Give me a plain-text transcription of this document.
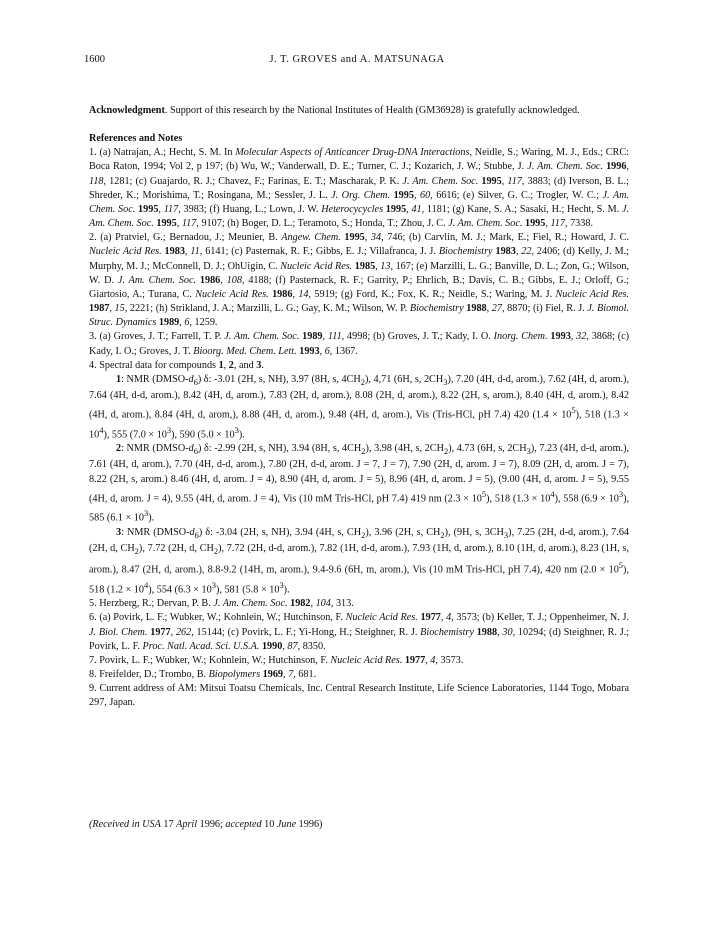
1600	J. T. GROVES and A. MATSUNAGA

Acknowledgment. Support of this research by the National Institutes of Health (GM36928) is gratefully acknowledged.

References and Notes

1. (a) Natrajan, A.; Hecht, S. M. In Molecular Aspects of Anticancer Drug-DNA Interactions, Neidle, S.; Waring, M. J., Eds.; CRC: Boca Raton, 1994; Vol 2, p 197; (b) Wu, W.; Vanderwall, D. E.; Turner, C. J.; Kozarich, J. W.; Stubbe, J. J. Am. Chem. Soc. 1996, 118, 1281; (c) Guajardo, R. J.; Chavez, F.; Farinas, E. T.; Mascharak, P. K. J. Am. Chem. Soc. 1995, 117, 3883; (d) Iverson, B. L.; Shreder, K.; Morishima, T.; Rosingana, M.; Sessler, J. L. J. Org. Chem. 1995, 60, 6616; (e) Silver, G. C.; Trogler, W. C.; J. Am. Chem. Soc. 1995, 117, 3983; (f) Huang, L.; Lown, J. W. Heterocycycles 1995, 41, 1181; (g) Kane, S. A.; Sasaki, H.; Hecht, S. M. J. Am. Chem. Soc. 1995, 117, 9107; (h) Boger, D. L.; Teramoto, S.; Honda, T.; Zhou, J. C. J. Am. Chem. Soc. 1995, 117, 7338.

2. (a) Pratviel, G.; Bernadou, J.; Meunier, B. Angew. Chem. 1995, 34, 746; (b) Carvlin, M. J.; Mark, E.; Fiel, R.; Howard, J. C. Nucleic Acid Res. 1983, 11, 6141; (c) Pasternak, R. F.; Gibbs, E. J.; Villafranca, J. J. Biochemistry 1983, 22, 2406; (d) Kelly, J. M.; Murphy, M. J.; McConnell, D. J.; OhUigin, C. Nucleic Acid Res. 1985, 13, 167; (e) Marzilli, L. G.; Banville, D. L.; Zon, G.; Wilson, W. D. J. Am. Chem. Soc. 1986, 108, 4188; (f) Pasternack, R. F.; Garrity, P.; Ehrlich, B.; Davis, C. B.; Gibbs, E. J.; Orloff, G.; Giartosio, A.; Turana, C. Nucleic Acid Res. 1986, 14, 5919; (g) Ford, K.; Fox, K. R.; Neidle, S.; Waring, M. J. Nucleic Acid Res. 1987, 15, 2221; (h) Strikland, J. A.; Marzilli, L. G.; Gay, K. M.; Wilson, W. P. Biochemistry 1988, 27, 8870; (i) Fiel, R. J. J. Biomol. Struc. Dynamics 1989, 6, 1259.

3. (a) Groves, J. T.; Farrell, T. P. J. Am. Chem. Soc. 1989, 111, 4998; (b) Groves, J. T.; Kady, I. O. Inorg. Chem. 1993, 32, 3868; (c) Kady, I. O.; Groves, J. T. Bioorg. Med. Chem. Lett. 1993, 6, 1367.

4. Spectral data for compounds 1, 2, and 3.

1: NMR $(DMSO-d_6)$ δ: -3.01 (2H, s, NH), 3.97 (8H, s, $4CH_2$), 4,71 (6H, s, $2CH_3$), 7.20 (4H, d-d, arom.), 7.62 (4H, d, arom.), 7.64 (4H, d-d, arom.), 8.42 (4H, d, arom.), 7.83 (2H, d, arom.), 8.08 (2H, d, arom.), 8.22 (2H, s, arom.), 8.40 (4H, d, arom.), 8.42 (4H, d, arom.), 8.84 (4H, d, arom,), 8.88 (4H, d, arom.), 9.48 (4H, d, arom.), Vis (Tris-HCl, pH 7.4) 420 $(1.4 \times 10^5)$, 518 $(1.3 \times 10^4)$, 555 $(7.0 \times 10^3)$, 590 $(5.0 \times 10^3)$.

2: NMR $(DMSO-d_6)$ δ: -2.99 (2H, s, NH), 3.94 (8H, s, $4CH_2$), 3.98 (4H, s, $2CH_2$), 4.73 (6H, s, $2CH_3$), 7.23 (4H, d-d, arom.), 7.61 (4H, d, arom.), 7.70 (4H, d-d, arom.), 7.80 (2H, d-d, arom. J = 7, J = 7), 7.90 (2H, d, arom. J = 7), 8.09 (2H, d, arom. J = 7), 8.22 (2H, s, arom.) 8.46 (4H, d, arom. J = 4), 8.90 (4H, d, arom. J = 5), 8.96 (4H, d, arom. J = 5), (9.00 (4H, d, arom. J = 5), 9.55 (4H, d, arom. J = 4), 9.55 (4H, d, arom. J = 4), Vis (10 mM Tris-HCl, pH 7.4) 419 nm $(2.3 \times 10^5)$, 518 $(1.3 \times 10^4)$, 558 $(6.9 \times 10^3)$, 585 $(6.1 \times 10^3)$.

3: NMR $(DMSO-d_6)$ δ: -3.04 (2H, s, NH), 3.94 (4H, s, $CH_2$), 3.96 (2H, s, $CH_2$), (9H, s, $3CH_3$), 7.25 (2H, d-d, arom.), 7.64 (2H, d, $CH_2$), 7.72 (2H, d, $CH_2$), 7.72 (2H, d-d, arom.), 7.82 (1H, d-d, arom.), 7.93 (1H, d, arom.), 8.10 (1H, d, arom.), 8.23 (1H, s, arom.), 8.47 (2H, d, arom.), 8.8-9.2 (14H, m, arom.), 9.4-9.6 (6H, m, arom.), Vis (10 mM Tris-HCl, pH 7.4), 420 nm $(2.0 \times 10^5)$, 518 $(1.2 \times 10^4)$, 554 $(6.3 \times 10^3)$, 581 $(5.8 \times 10^3)$.

5. Herzberg, R.; Dervan, P. B. J. Am. Chem. Soc. 1982, 104, 313.

6. (a) Povirk, L. F.; Wubker, W.; Kohnlein, W.; Hutchinson, F. Nucleic Acid Res. 1977, 4, 3573; (b) Keller, T. J.; Oppenheimer, N. J. J. Biol. Chem. 1977, 262, 15144; (c) Povirk, L. F.; Yi-Hong, H.; Steighner, R. J. Biochemistry 1988, 30, 10294; (d) Steighner, R. J.; Povirk, L. F. Proc. Natl. Acad. Sci. U.S.A. 1990, 87, 8350.

7. Povirk, L. F.; Wubker, W.; Kohnlein, W.; Hutchinson, F. Nucleic Acid Res. 1977, 4, 3573.

8. Freifelder, D.; Trombo, B. Biopolymers 1969, 7, 681.

9. Current address of AM: Mitsui Toatsu Chemicals, Inc. Central Research Institute, Life Science Laboratories, 1144 Togo, Mobara 297, Japan.

(Received in USA 17 April 1996; accepted 10 June 1996)
